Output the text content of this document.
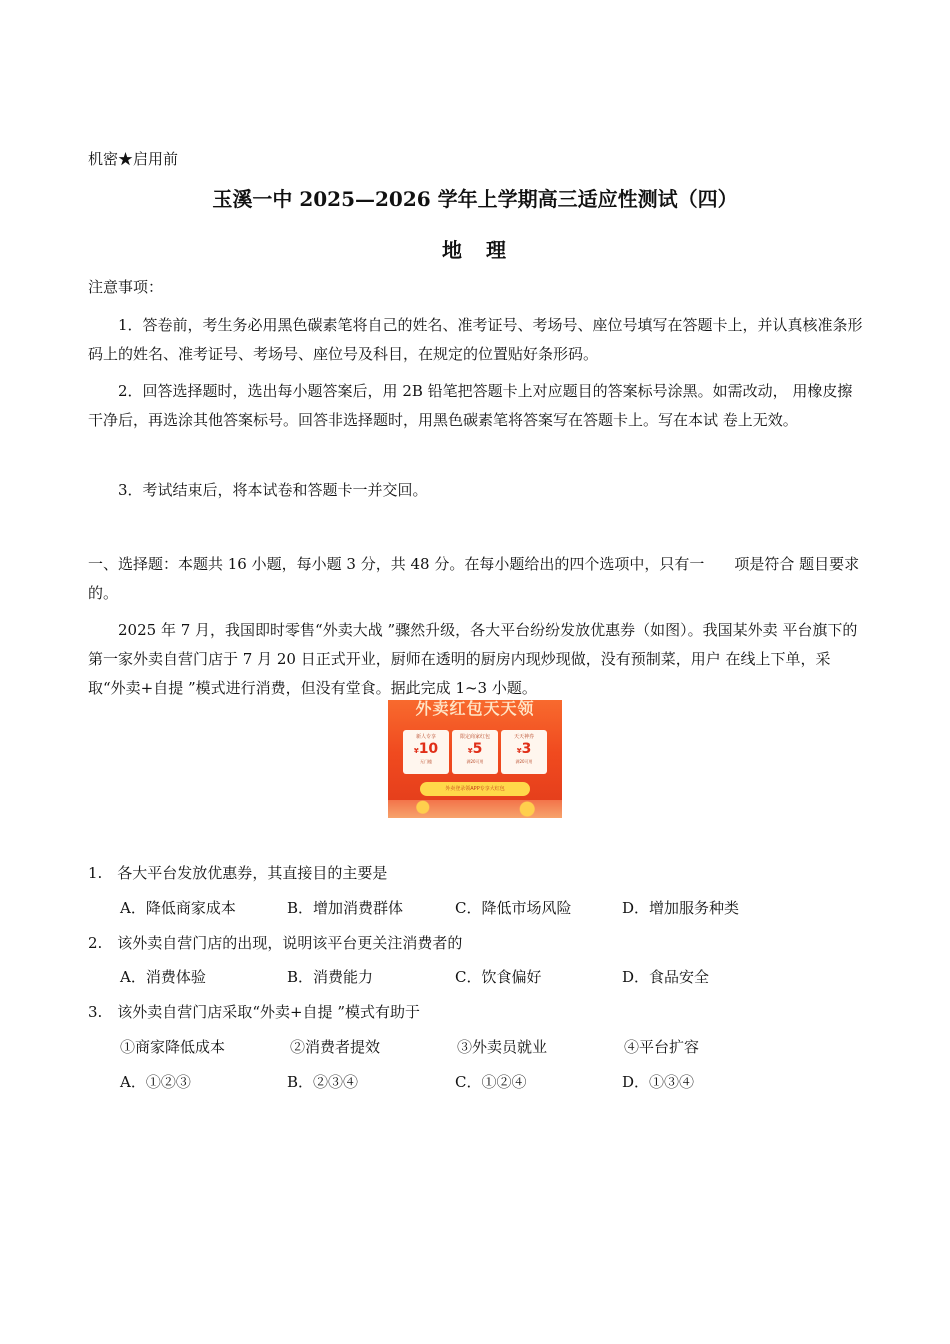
机密★启用前
玉溪一中 2025—2026 学年上学期高三适应性测试（四）
地　理
注意事项：
1．答卷前，考生务必用黑色碳素笔将自己的姓名、准考证号、考场号、座位号填写在答题卡上，并认真核准条形码上的姓名、准考证号、考场号、座位号及科目，在规定的位置贴好条形码。
2．回答选择题时，选出每小题答案后，用 2B 铅笔把答题卡上对应题目的答案标号涂黑。如需改动， 用橡皮擦干净后，再选涂其他答案标号。回答非选择题时，用黑色碳素笔将答案写在答题卡上。写在本试 卷上无效。
3．考试结束后，将本试卷和答题卡一并交回。
一、选择题：本题共 16 小题，每小题 3 分，共 48 分。在每小题给出的四个选项中，只有一　　项是符合 题目要求的。
2025 年 7 月，我国即时零售“外卖大战 ”骤然升级，各大平台纷纷发放优惠券（如图）。我国某外卖 平台旗下的第一家外卖自营门店于 7 月 20 日正式开业，厨师在透明的厨房内现炒现做，没有预制菜，用户 在线上下单，采取“外卖+自提 ”模式进行消费，但没有堂食。据此完成 1~3 小题。
外卖红包天天领
新人专享
¥10
无门槛
限定商家红包
¥5
满20可用
天天神券
¥3
满20可用
外卖登录领APP专享大红包
1.　各大平台发放优惠券，其直接目的主要是
A．降低商家成本	B．增加消费群体	C．降低市场风险	D．增加服务种类
2.　该外卖自营门店的出现，说明该平台更关注消费者的
A．消费体验	B．消费能力	C．饮食偏好	D．食品安全
3.　该外卖自营门店采取“外卖+自提 ”模式有助于
①商家降低成本	②消费者提效	③外卖员就业	④平台扩容
A．①②③	B．②③④	C．①②④	D．①③④
